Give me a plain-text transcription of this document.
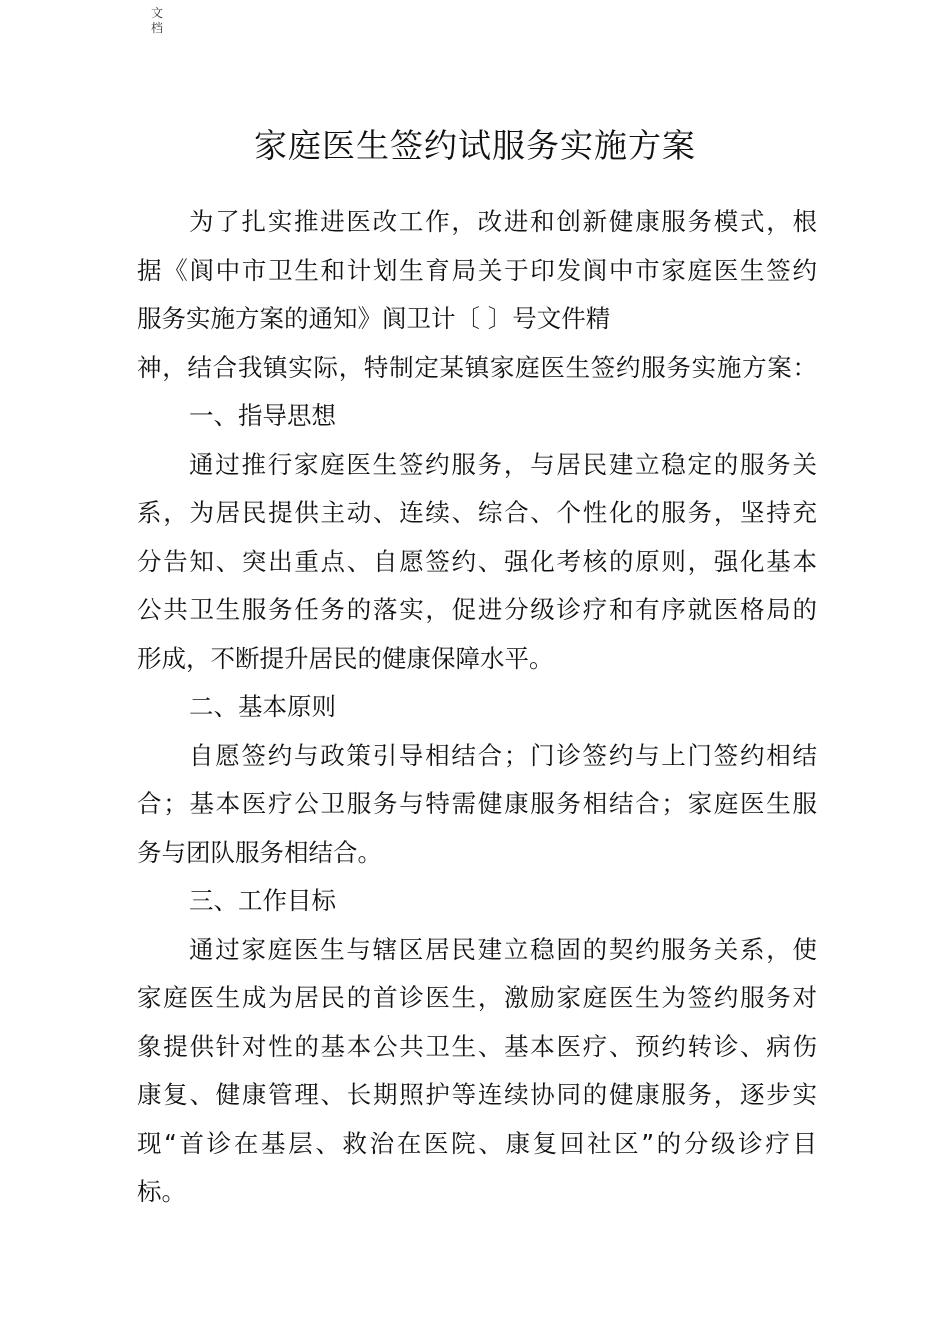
文档
家庭医生签约试服务实施方案
为了扎实推进医改工作，改进和创新健康服务模式，根
据《阆中市卫生和计划生育局关于印发阆中市家庭医生签约
服务实施方案的通知》阆卫计〔 〕号文件精
神，结合我镇实际，特制定某镇家庭医生签约服务实施方案：
一、指导思想
通过推行家庭医生签约服务，与居民建立稳定的服务关
系，为居民提供主动、连续、综合、个性化的服务，坚持充
分告知、突出重点、自愿签约、强化考核的原则，强化基本
公共卫生服务任务的落实，促进分级诊疗和有序就医格局的
形成，不断提升居民的健康保障水平。
二、基本原则
自愿签约与政策引导相结合；门诊签约与上门签约相结
合；基本医疗公卫服务与特需健康服务相结合；家庭医生服
务与团队服务相结合。
三、工作目标
通过家庭医生与辖区居民建立稳固的契约服务关系，使
家庭医生成为居民的首诊医生，激励家庭医生为签约服务对
象提供针对性的基本公共卫生、基本医疗、预约转诊、病伤
康复、健康管理、长期照护等连续协同的健康服务，逐步实
现“首诊在基层、救治在医院、康复回社区”的分级诊疗目
标。
